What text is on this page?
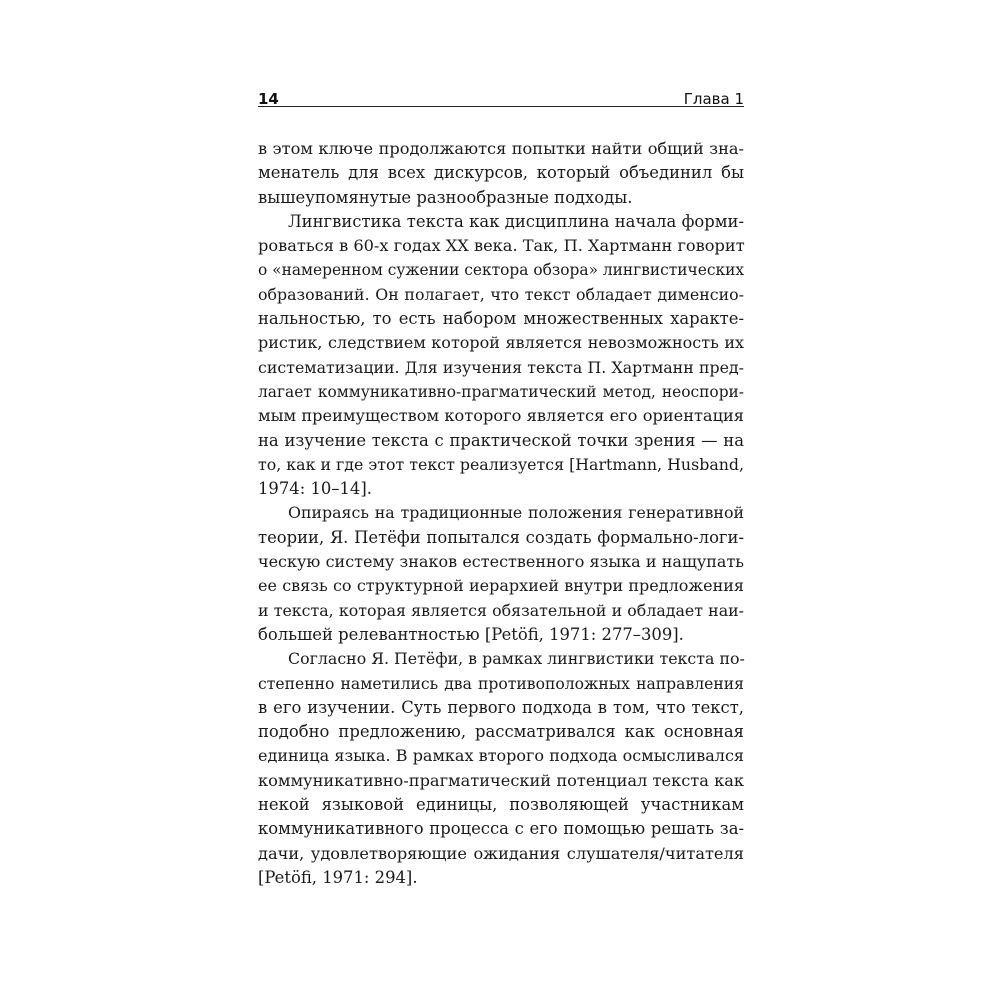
14	Глава 1
в этом ключе продолжаются попытки найти общий зна-
менатель для всех дискурсов, который объединил бы
вышеупомянутые разнообразные подходы.
Лингвистика текста как дисциплина начала форми-
роваться в 60-х годах XX века. Так, П. Хартманн говорит
о «намеренном сужении сектора обзора» лингвистических
образований. Он полагает, что текст обладает дименсио-
нальностью, то есть набором множественных характе-
ристик, следствием которой является невозможность их
систематизации. Для изучения текста П. Хартманн пред-
лагает коммуникативно-прагматический метод, неоспори-
мым преимуществом которого является его ориентация
на изучение текста с практической точки зрения — на
то, как и где этот текст реализуется [Hartmann, Husband,
1974: 10–14].
Опираясь на традиционные положения генеративной
теории, Я. Петёфи попытался создать формально-логи-
ческую систему знаков естественного языка и нащупать
ее связь со структурной иерархией внутри предложения
и текста, которая является обязательной и обладает наи-
большей релевантностью [Petöfi, 1971: 277–309].
Согласно Я. Петёфи, в рамках лингвистики текста по-
степенно наметились два противоположных направления
в его изучении. Суть первого подхода в том, что текст,
подобно предложению, рассматривался как основная
единица языка. В рамках второго подхода осмысливался
коммуникативно-прагматический потенциал текста как
некой языковой единицы, позволяющей участникам
коммуникативного процесса с его помощью решать за-
дачи, удовлетворяющие ожидания слушателя/читателя
[Petöfi, 1971: 294].
